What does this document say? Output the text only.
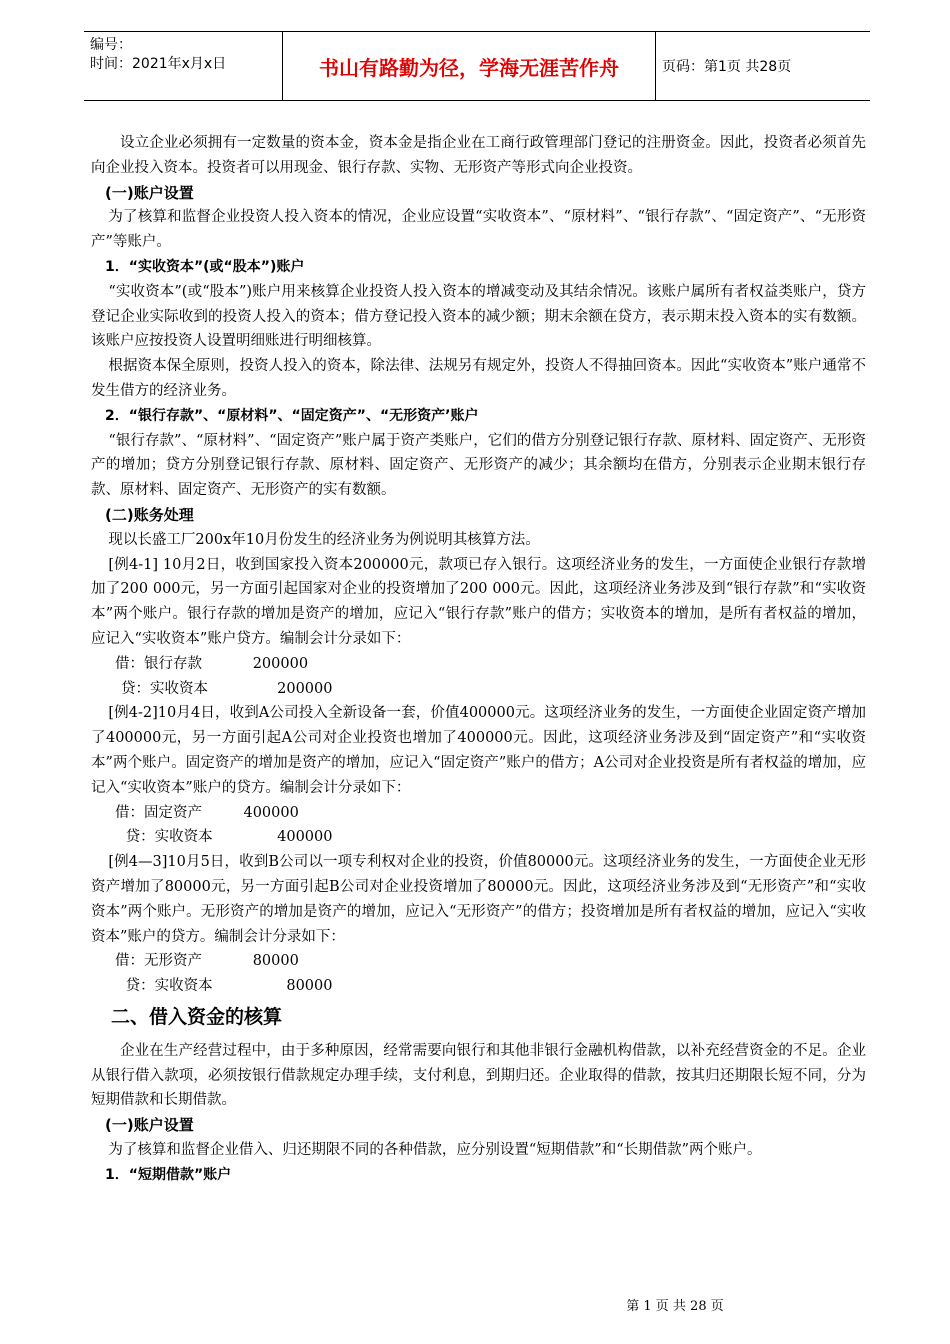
编号：
时间：2021年x月x日	书山有路勤为径，学海无涯苦作舟	页码：第1页 共28页

设立企业必须拥有一定数量的资本金，资本金是指企业在工商行政管理部门登记的注册资金。因此，投资者必须首先向企业投入资本。投资者可以用现金、银行存款、实物、无形资产等形式向企业投资。

(一)账户设置

为了核算和监督企业投资人投入资本的情况，企业应设置“实收资本”、“原材料”、“银行存款”、“固定资产”、“无形资产”等账户。

1．“实收资本”(或“股本”)账户

“实收资本”(或“股本”)账户用来核算企业投资人投入资本的增减变动及其结余情况。该账户属所有者权益类账户，贷方登记企业实际收到的投资人投入的资本；借方登记投入资本的减少额；期末余额在贷方，表示期末投入资本的实有数额。该账户应按投资人设置明细账进行明细核算。

根据资本保全原则，投资人投入的资本，除法律、法规另有规定外，投资人不得抽回资本。因此“实收资本”账户通常不发生借方的经济业务。

2．“银行存款”、“原材料”、“固定资产”、“无形资产’账户

“银行存款”、“原材料”、“固定资产”账户属于资产类账户，它们的借方分别登记银行存款、原材料、固定资产、无形资产的增加；贷方分别登记银行存款、原材料、固定资产、无形资产的减少；其余额均在借方，分别表示企业期末银行存款、原材料、固定资产、无形资产的实有数额。

(二)账务处理

现以长盛工厂200x年10月份发生的经济业务为例说明其核算方法。

[例4-1] 10月2日，收到国家投入资本200000元，款项已存入银行。这项经济业务的发生，一方面使企业银行存款增加了200 000元，另一方面引起国家对企业的投资增加了200 000元。因此，这项经济业务涉及到“银行存款”和“实收资本”两个账户。银行存款的增加是资产的增加，应记入“银行存款”账户的借方；实收资本的增加，是所有者权益的增加，应记入“实收资本”账户贷方。编制会计分录如下：

借：银行存款           200000

贷：实收资本               200000

[例4-2]10月4日，收到A公司投入全新设备一套，价值400000元。这项经济业务的发生，一方面使企业固定资产增加了400000元，另一方面引起A公司对企业投资也增加了400000元。因此，这项经济业务涉及到“固定资产”和“实收资本”两个账户。固定资产的增加是资产的增加，应记入“固定资产”账户的借方；A公司对企业投资是所有者权益的增加，应记入“实收资本”账户的贷方。编制会计分录如下：

借：固定资产         400000

贷：实收资本              400000

[例4—3]10月5日，收到B公司以一项专利权对企业的投资，价值80000元。这项经济业务的发生，一方面使企业无形资产增加了80000元，另一方面引起B公司对企业投资增加了80000元。因此，这项经济业务涉及到“无形资产”和“实收资本”两个账户。无形资产的增加是资产的增加，应记入“无形资产”的借方；投资增加是所有者权益的增加，应记入“实收资本”账户的贷方。编制会计分录如下：

借：无形资产           80000

贷：实收资本                80000

二、借入资金的核算

企业在生产经营过程中，由于多种原因，经常需要向银行和其他非银行金融机构借款，以补充经营资金的不足。企业从银行借入款项，必须按银行借款规定办理手续，支付利息，到期归还。企业取得的借款，按其归还期限长短不同，分为短期借款和长期借款。

(一)账户设置

为了核算和监督企业借入、归还期限不同的各种借款，应分别设置“短期借款”和“长期借款”两个账户。

1．“短期借款”账户

第 1 页 共 28 页
